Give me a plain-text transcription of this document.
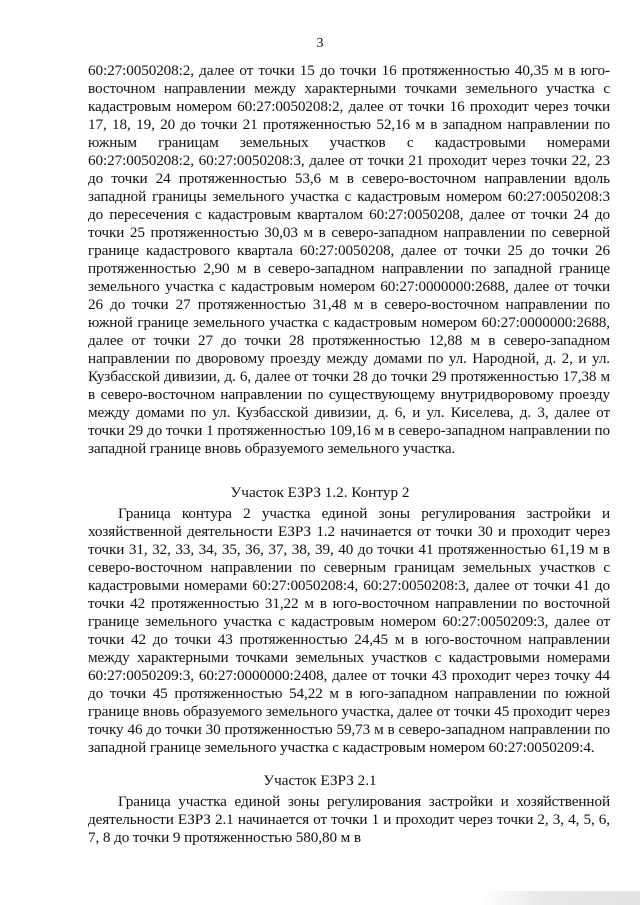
3
60:27:0050208:2, далее от точки 15 до точки 16 протяженностью 40,35 м в юго-восточном направлении между характерными точками земельного участка с кадастровым номером 60:27:0050208:2, далее от точки 16 проходит через точки 17, 18, 19, 20 до точки 21 протяженностью 52,16 м в западном направлении по южным границам земельных участков с кадастровыми номерами 60:27:0050208:2, 60:27:0050208:3, далее от точки 21 проходит через точки 22, 23 до точки 24 протяженностью 53,6 м в северо-восточном направлении вдоль западной границы земельного участка с кадастровым номером 60:27:0050208:3 до пересечения с кадастровым кварталом 60:27:0050208, далее от точки 24 до точки 25 протяженностью 30,03 м в северо-западном направлении по северной границе кадастрового квартала 60:27:0050208, далее от точки 25 до точки 26 протяженностью 2,90 м в северо-западном направлении по западной границе земельного участка с кадастровым номером 60:27:0000000:2688, далее от точки 26 до точки 27 протяженностью 31,48 м в северо-восточном направлении по южной границе земельного участка с кадастровым номером 60:27:0000000:2688, далее от точки 27 до точки 28 протяженностью 12,88 м в северо-западном направлении по дворовому проезду между домами по ул. Народной, д. 2, и ул. Кузбасской дивизии, д. 6, далее от точки 28 до точки 29 протяженностью 17,38 м в северо-восточном направлении по существующему внутридворовому проезду между домами по ул. Кузбасской дивизии, д. 6, и ул. Киселева, д. 3, далее от точки 29 до точки 1 протяженностью 109,16 м в северо-западном направлении по западной границе вновь образуемого земельного участка.
Участок ЕЗРЗ 1.2. Контур 2
Граница контура 2 участка единой зоны регулирования застройки и хозяйственной деятельности ЕЗРЗ 1.2 начинается от точки 30 и проходит через точки 31, 32, 33, 34, 35, 36, 37, 38, 39, 40 до точки 41 протяженностью 61,19 м в северо-восточном направлении по северным границам земельных участков с кадастровыми номерами 60:27:0050208:4, 60:27:0050208:3, далее от точки 41 до точки 42 протяженностью 31,22 м в юго-восточном направлении по восточной границе земельного участка с кадастровым номером 60:27:0050209:3, далее от точки 42 до точки 43 протяженностью 24,45 м в юго-восточном направлении между характерными точками земельных участков с кадастровыми номерами 60:27:0050209:3, 60:27:0000000:2408, далее от точки 43 проходит через точку 44 до точки 45 протяженностью 54,22 м в юго-западном направлении по южной границе вновь образуемого земельного участка, далее от точки 45 проходит через точку 46 до точки 30 протяженностью 59,73 м в северо-западном направлении по западной границе земельного участка с кадастровым номером 60:27:0050209:4.
Участок ЕЗРЗ 2.1
Граница участка единой зоны регулирования застройки и хозяйственной деятельности ЕЗРЗ 2.1 начинается от точки 1 и проходит через точки 2, 3, 4, 5, 6, 7, 8 до точки 9 протяженностью 580,80 м в
